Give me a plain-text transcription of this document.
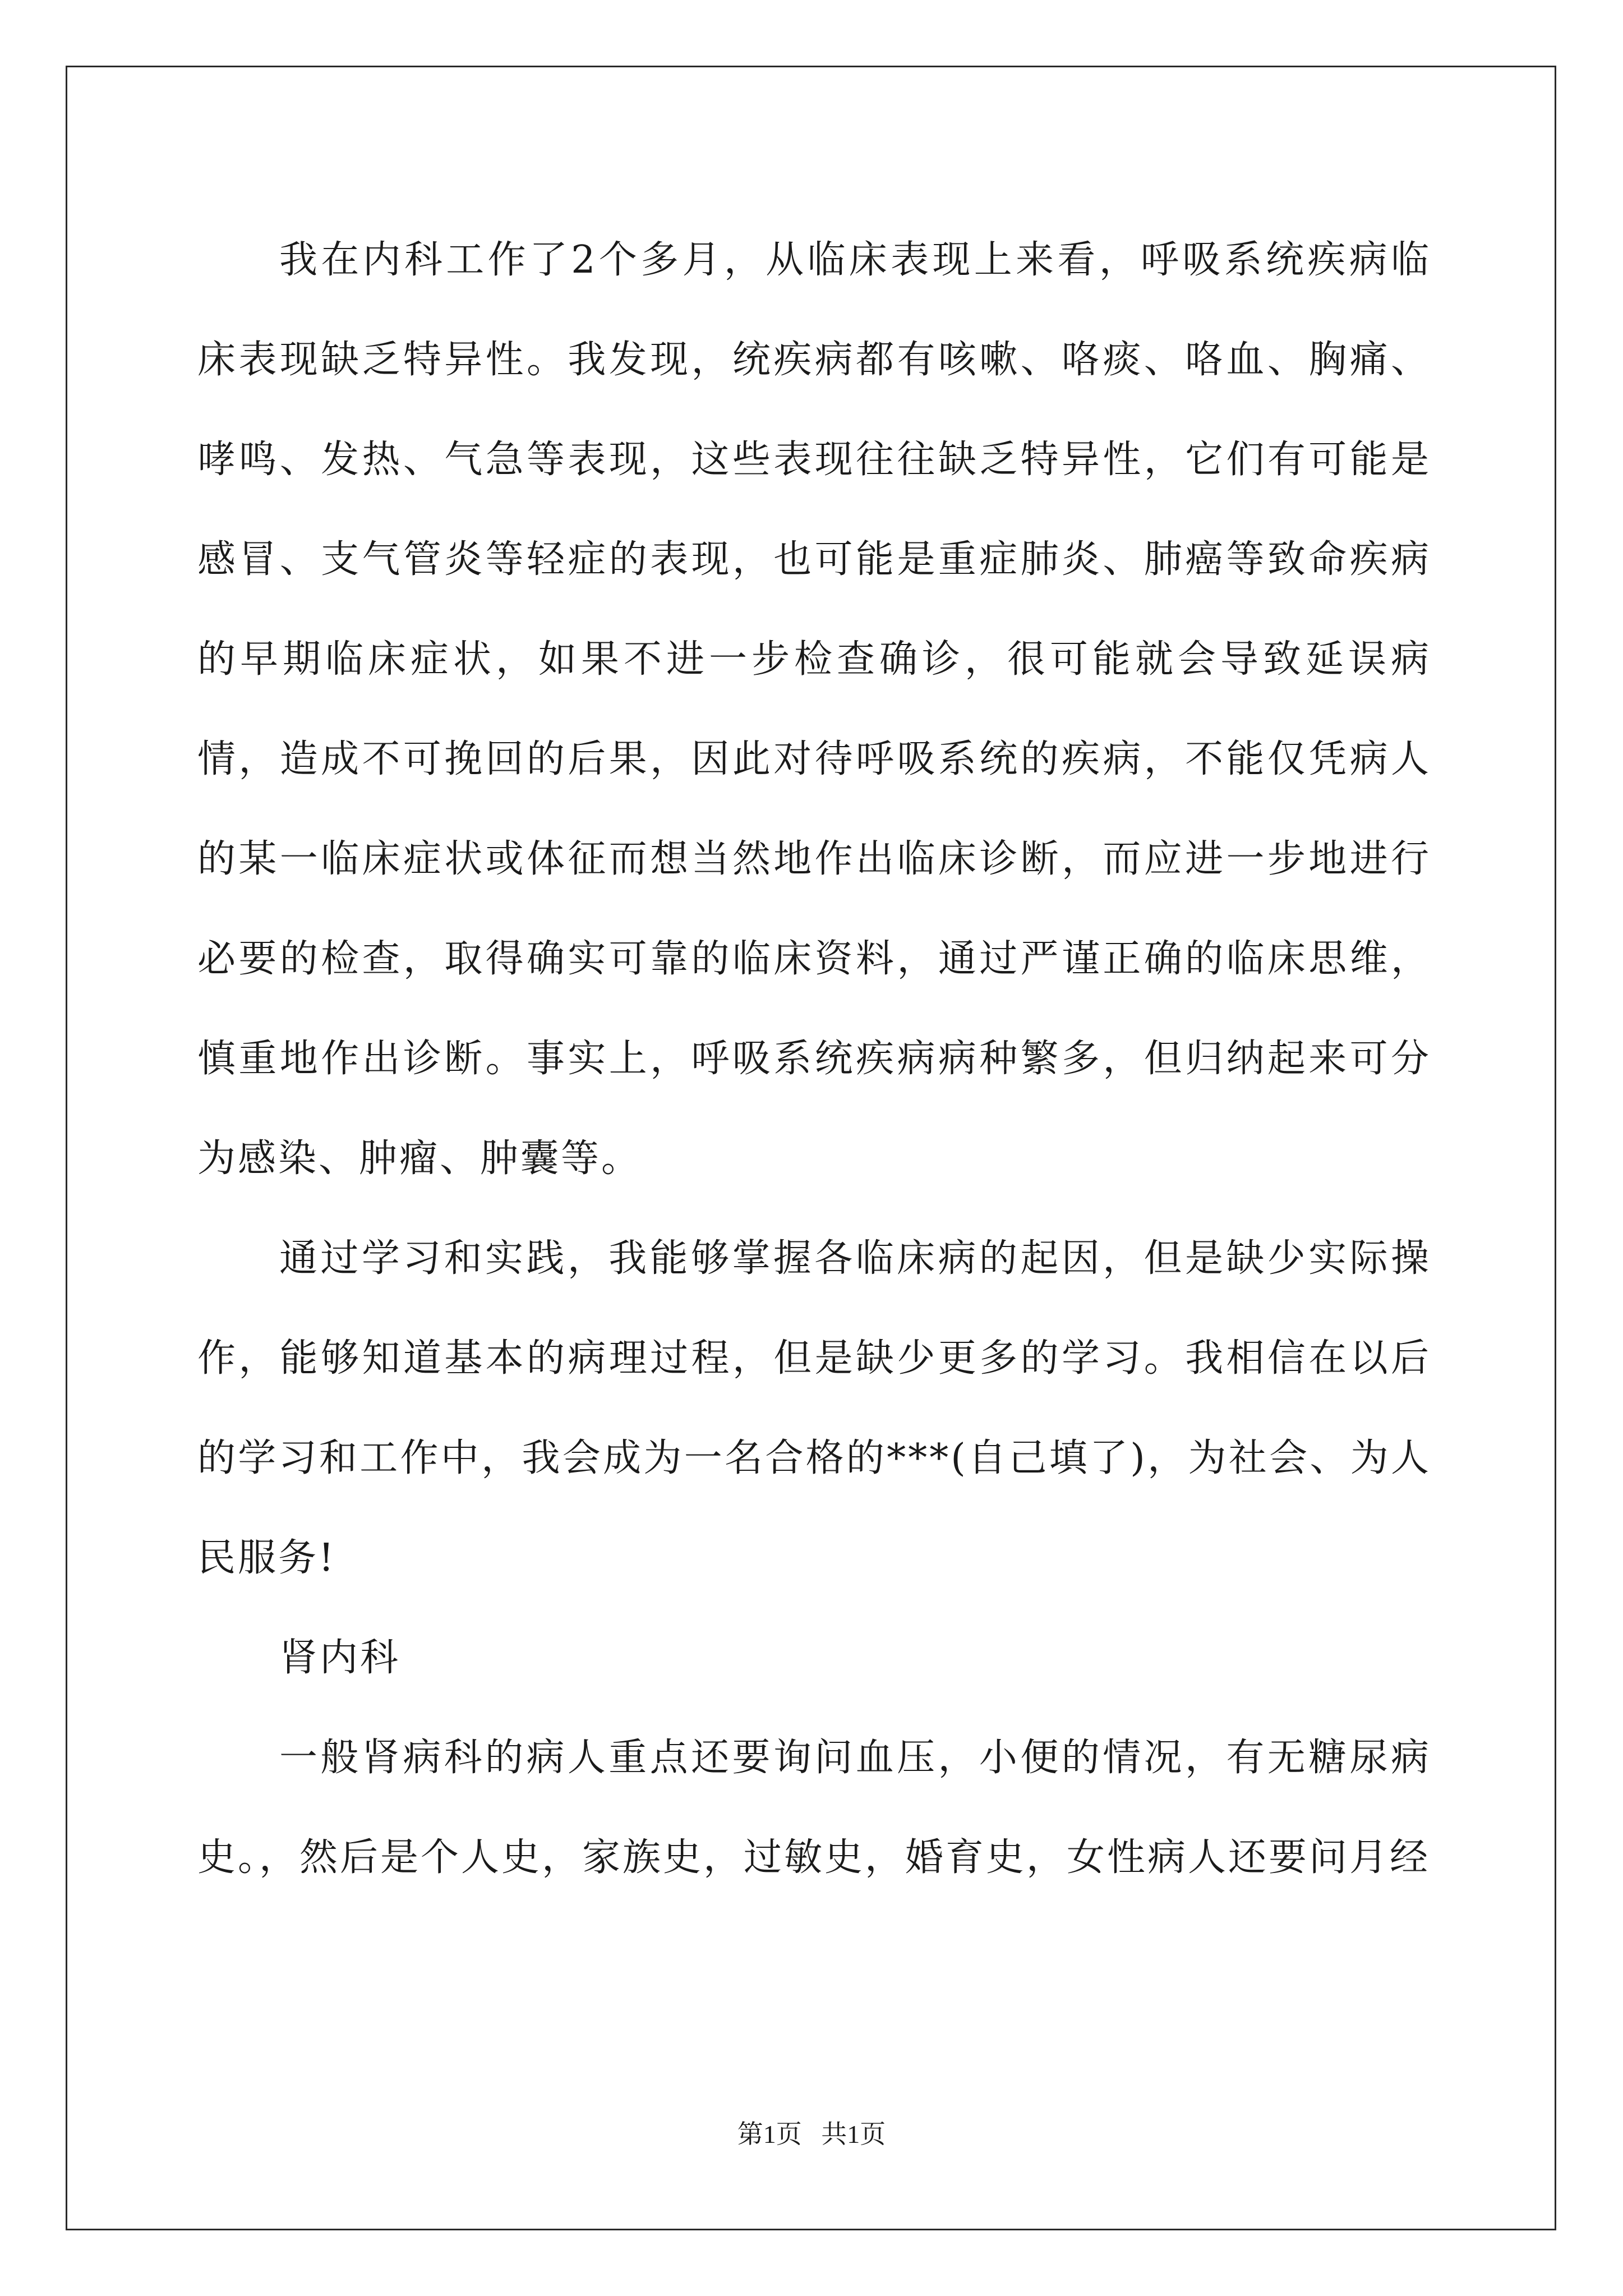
我在内科工作了2个多月，从临床表现上来看，呼吸系统疾病临床表现缺乏特异性。我发现，统疾病都有咳嗽、咯痰、咯血、胸痛、哮鸣、发热、气急等表现，这些表现往往缺乏特异性，它们有可能是感冒、支气管炎等轻症的表现，也可能是重症肺炎、肺癌等致命疾病的早期临床症状，如果不进一步检查确诊，很可能就会导致延误病情，造成不可挽回的后果，因此对待呼吸系统的疾病，不能仅凭病人的某一临床症状或体征而想当然地作出临床诊断，而应进一步地进行必要的检查，取得确实可靠的临床资料，通过严谨正确的临床思维，慎重地作出诊断。事实上，呼吸系统疾病病种繁多，但归纳起来可分为感染、肿瘤、肿囊等。

通过学习和实践，我能够掌握各临床病的起因，但是缺少实际操作，能够知道基本的病理过程，但是缺少更多的学习。我相信在以后的学习和工作中，我会成为一名合格的***(自己填了)，为社会、为人民服务!

肾内科

一般肾病科的病人重点还要询问血压，小便的情况，有无糖尿病史。，然后是个人史，家族史，过敏史，婚育史，女性病人还要问月经

第1页   共1页
